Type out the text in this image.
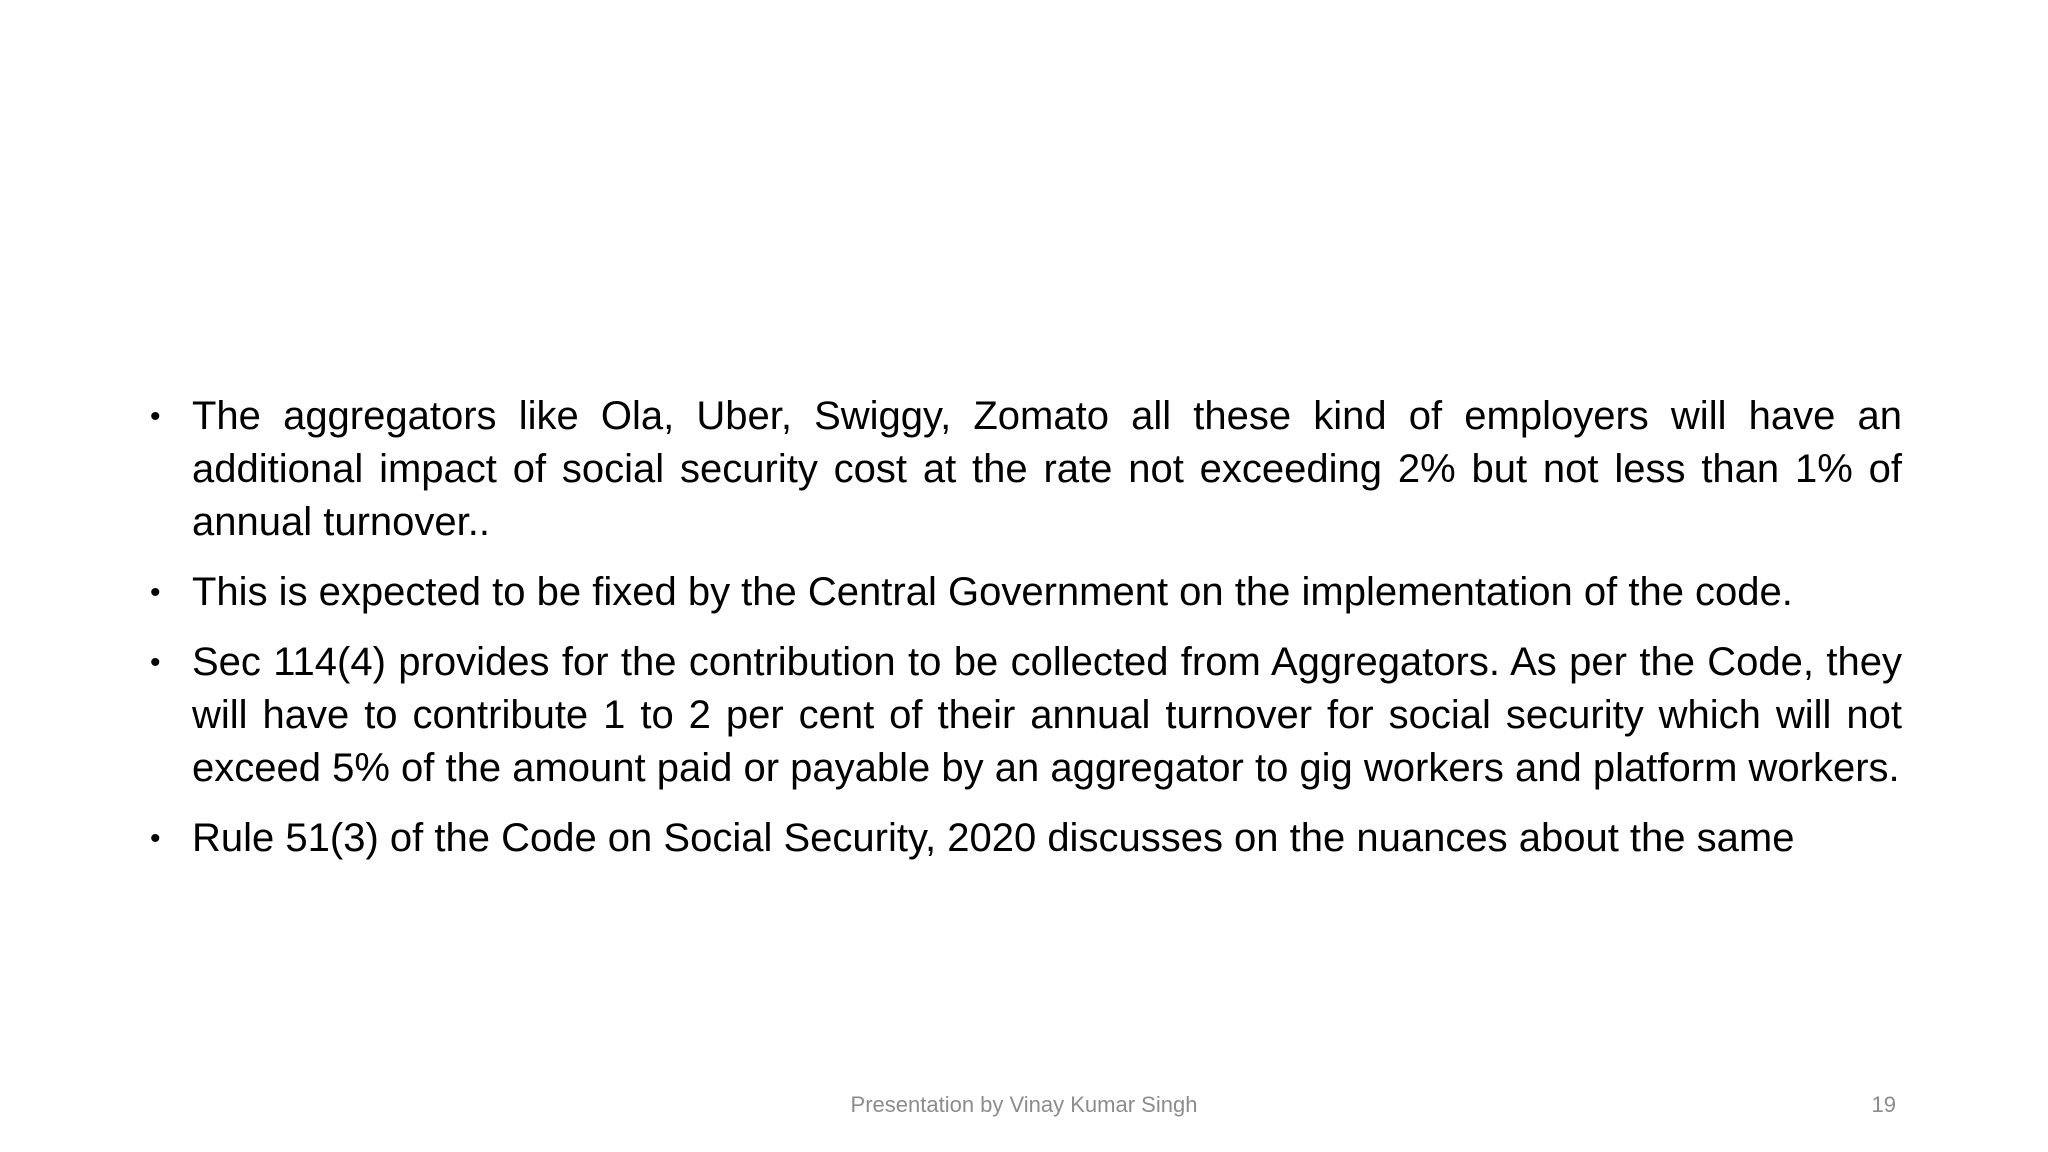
• The aggregators like Ola, Uber, Swiggy, Zomato all these kind of employers will have an additional impact of social security cost at the rate not exceeding 2% but not less than 1% of annual turnover..
• This is expected to be fixed by the Central Government on the implementation of the code.
• Sec 114(4) provides for the contribution to be collected from Aggregators. As per the Code, they will have to contribute 1 to 2 per cent of their annual turnover for social security which will not exceed 5% of the amount paid or payable by an aggregator to gig workers and platform workers.
• Rule 51(3) of the Code on Social Security, 2020 discusses on the nuances about the same
Presentation by Vinay Kumar Singh	19
